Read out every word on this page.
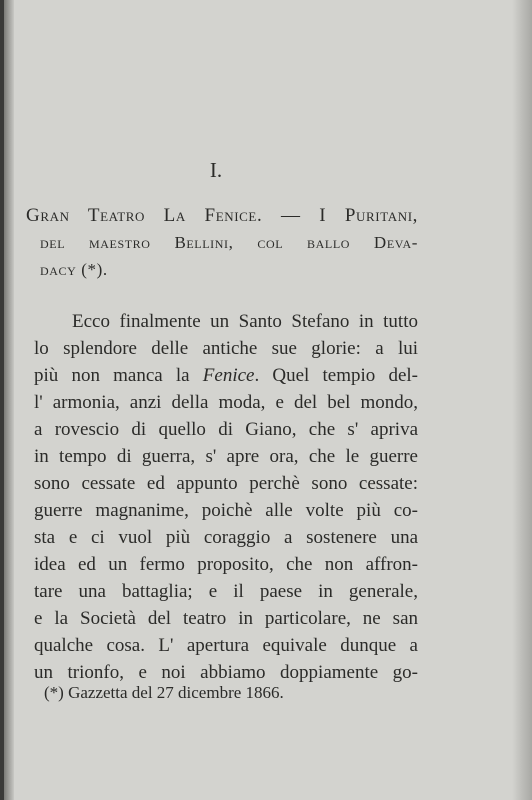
I.
Gran Teatro La Fenice. — I Puritani,
del maestro Bellini, col ballo Deva-
dacy (*).
Ecco finalmente un Santo Stefano in tutto
lo splendore delle antiche sue glorie: a lui
più non manca la Fenice. Quel tempio del-
l' armonia, anzi della moda, e del bel mondo,
a rovescio di quello di Giano, che s' apriva
in tempo di guerra, s' apre ora, che le guerre
sono cessate ed appunto perchè sono cessate:
guerre magnanime, poichè alle volte più co-
sta e ci vuol più coraggio a sostenere una
idea ed un fermo proposito, che non affron-
tare una battaglia; e il paese in generale,
e la Società del teatro in particolare, ne san
qualche cosa. L' apertura equivale dunque a
un trionfo, e noi abbiamo doppiamente go-
(*) Gazzetta del 27 dicembre 1866.
